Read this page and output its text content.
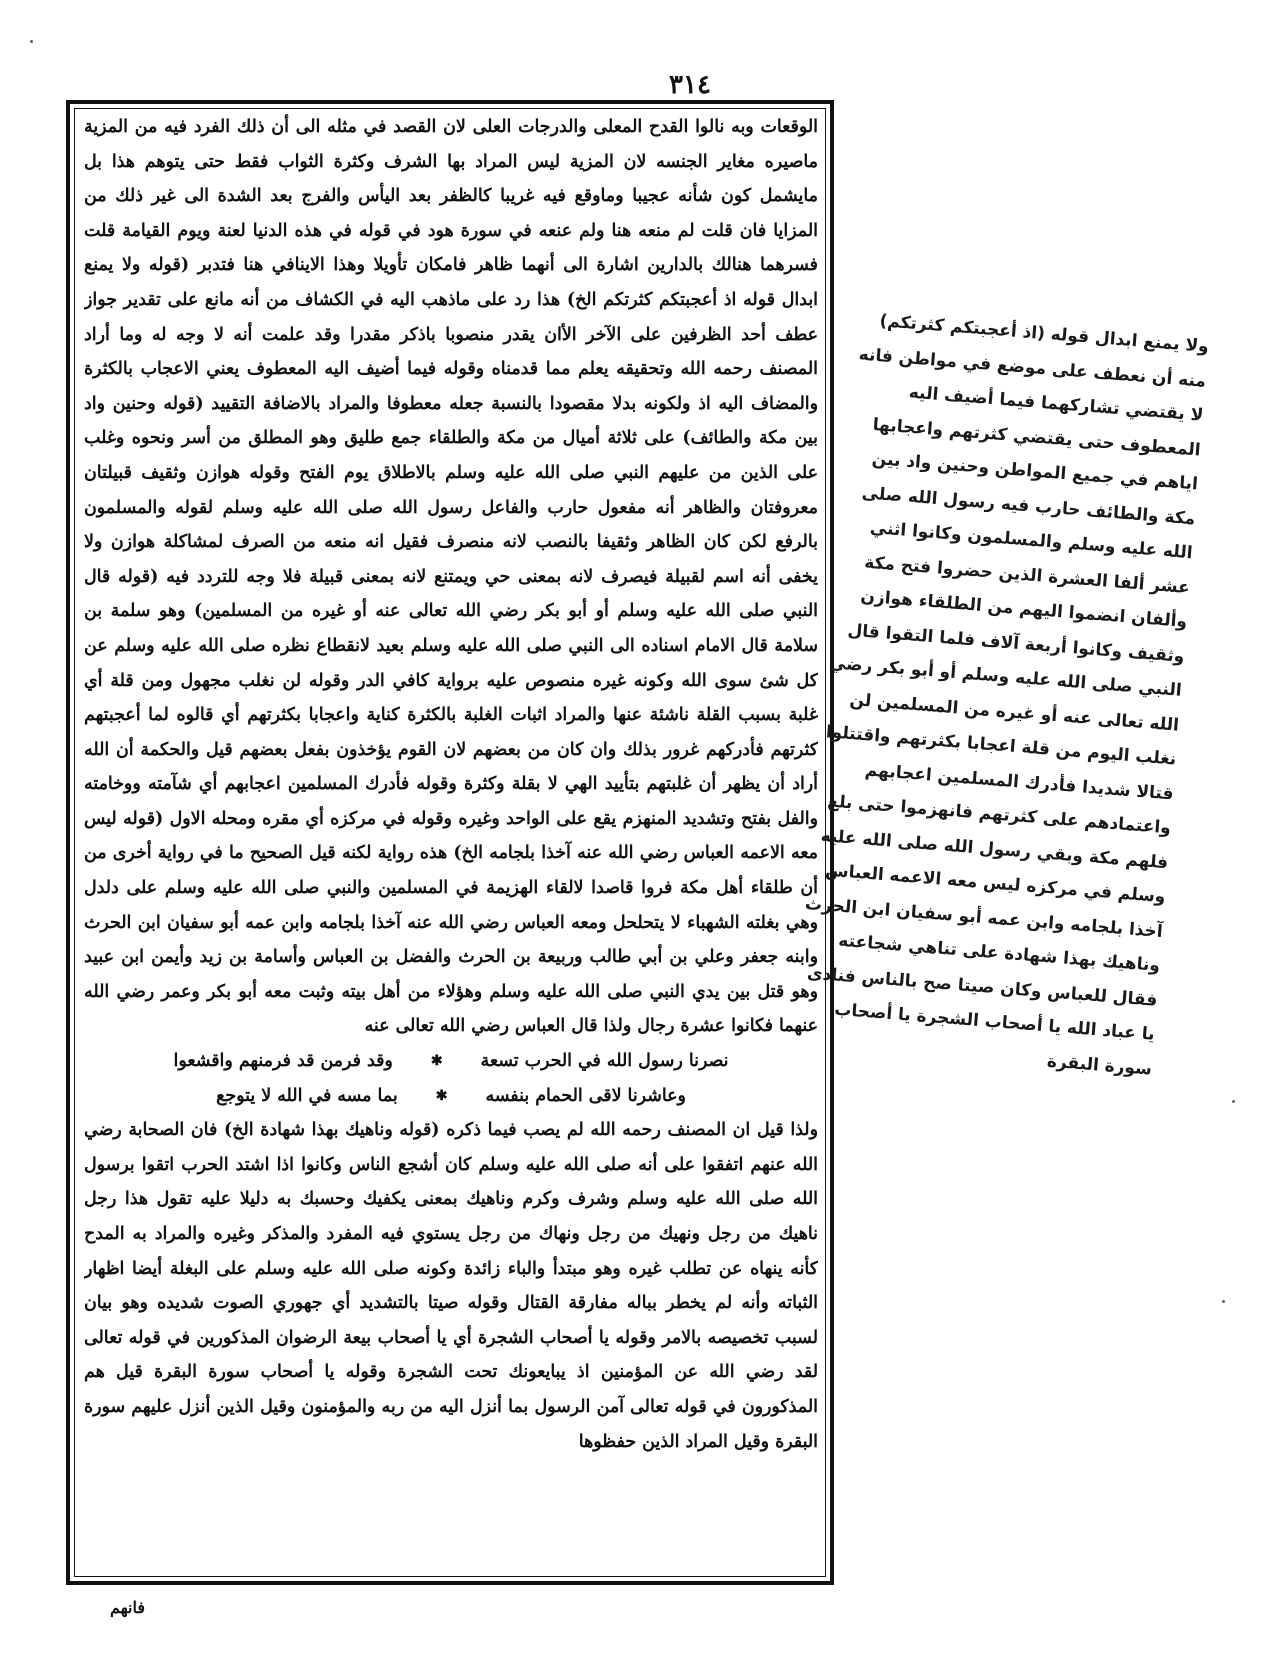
٣١٤

الوقعات وبه نالوا القدح المعلى والدرجات العلى لان القصد في مثله الى أن ذلك الفرد فيه من المزية ماصيره مغاير الجنسه لان المزية ليس المراد بها الشرف وكثرة الثواب فقط حتى يتوهم هذا بل مايشمل كون شأنه عجيبا وماوقع فيه غريبا كالظفر بعد اليأس والفرج بعد الشدة الى غير ذلك من المزايا فان قلت لم منعه هنا ولم عنعه في سورة هود في قوله في هذه الدنيا لعنة ويوم القيامة قلت فسرهما هنالك بالدارين اشارة الى أنهما ظاهر فامكان تأويلا وهذا الاينافي هنا فتدبر (قوله ولا يمنع ابدال قوله اذ أعجبتكم كثرتكم الخ) هذا رد على ماذهب اليه في الكشاف من أنه مانع على تقدير جواز عطف أحد الظرفين على الآخر الأان يقدر منصوبا باذكر مقدرا وقد علمت أنه لا وجه له وما أراد المصنف رحمه الله وتحقيقه يعلم مما قدمناه وقوله فيما أضيف اليه المعطوف يعني الاعجاب بالكثرة والمضاف اليه اذ ولكونه بدلا مقصودا بالنسبة جعله معطوفا والمراد بالاضافة التقييد (قوله وحنين واد بين مكة والطائف) على ثلاثة أميال من مكة والطلقاء جمع طليق وهو المطلق من أسر ونحوه وغلب على الذين من عليهم النبي صلى الله عليه وسلم بالاطلاق يوم الفتح وقوله هوازن وثقيف قبيلتان معروفتان والظاهر أنه مفعول حارب والفاعل رسول الله صلى الله عليه وسلم لقوله والمسلمون بالرفع لكن كان الظاهر وثقيفا بالنصب لانه منصرف فقيل انه منعه من الصرف لمشاكلة هوازن ولا يخفى أنه اسم لقبيلة فيصرف لانه بمعنى حي ويمتنع لانه بمعنى قبيلة فلا وجه للتردد فيه (قوله قال النبي صلى الله عليه وسلم أو أبو بكر رضي الله تعالى عنه أو غيره من المسلمين) وهو سلمة بن سلامة قال الامام اسناده الى النبي صلى الله عليه وسلم بعيد لانقطاع نظره صلى الله عليه وسلم عن كل شئ سوى الله وكونه غيره منصوص عليه برواية كافي الدر وقوله لن نغلب مجهول ومن قلة أي غلبة بسبب القلة ناشئة عنها والمراد اثبات الغلبة بالكثرة كناية واعجابا بكثرتهم أي قالوه لما أعجبتهم كثرتهم فأدركهم غرور بذلك وان كان من بعضهم لان القوم يؤخذون بفعل بعضهم قيل والحكمة أن الله أراد أن يظهر أن غلبتهم بتأييد الهي لا بقلة وكثرة وقوله فأدرك المسلمين اعجابهم أي شآمته ووخامته والفل بفتح وتشديد المنهزم يقع على الواحد وغيره وقوله في مركزه أي مقره ومحله الاول (قوله ليس معه الاعمه العباس رضي الله عنه آخذا بلجامه الخ) هذه رواية لكنه قيل الصحيح ما في رواية أخرى من أن طلقاء أهل مكة فروا قاصدا لالقاء الهزيمة في المسلمين والنبي صلى الله عليه وسلم على دلدل وهي بغلته الشهباء لا يتحلحل ومعه العباس رضي الله عنه آخذا بلجامه وابن عمه أبو سفيان ابن الحرث وابنه جعفر وعلي بن أبي طالب وربيعة بن الحرث والفضل بن العباس وأسامة بن زيد وأيمن ابن عبيد وهو قتل بين يدي النبي صلى الله عليه وسلم وهؤلاء من أهل بيته وثبت معه أبو بكر وعمر رضي الله عنهما فكانوا عشرة رجال ولذا قال العباس رضي الله تعالى عنه

نصرنا رسول الله في الحرب تسعة
✱
وقد فرمن قد فرمنهم واقشعوا
وعاشرنا لاقى الحمام بنفسه
✱
بما مسه في الله لا يتوجع

ولذا قيل ان المصنف رحمه الله لم يصب فيما ذكره (قوله وناهيك بهذا شهادة الخ) فان الصحابة رضي الله عنهم اتفقوا على أنه صلى الله عليه وسلم كان أشجع الناس وكانوا اذا اشتد الحرب اتقوا برسول الله صلى الله عليه وسلم وشرف وكرم وناهيك بمعنى يكفيك وحسبك به دليلا عليه تقول هذا رجل ناهيك من رجل ونهيك من رجل ونهاك من رجل يستوي فيه المفرد والمذكر وغيره والمراد به المدح كأنه ينهاه عن تطلب غيره وهو مبتدأ والباء زائدة وكونه صلى الله عليه وسلم على البغلة أيضا اظهار الثباته وأنه لم يخطر بباله مفارقة القتال وقوله صيتا بالتشديد أي جهوري الصوت شديده وهو بيان لسبب تخصيصه بالامر وقوله يا أصحاب الشجرة أي يا أصحاب بيعة الرضوان المذكورين في قوله تعالى لقد رضي الله عن المؤمنين اذ يبايعونك تحت الشجرة وقوله يا أصحاب سورة البقرة قيل هم المذكورون في قوله تعالى آمن الرسول بما أنزل اليه من ربه والمؤمنون وقيل الذين أنزل عليهم سورة البقرة وقيل المراد الذين حفظوها

ولا يمنع ابدال قوله (اذ أعجبتكم كثرتكم) منه أن نعطف على موضع في مواطن فانه لا يقتضي تشاركهما فيما أضيف اليه المعطوف حتى يقتضي كثرتهم واعجابها اياهم في جميع المواطن وحنين واد بين مكة والطائف حارب فيه رسول الله صلى الله عليه وسلم والمسلمون وكانوا اثني عشر ألفا العشرة الذين حضروا فتح مكة وألفان انضموا اليهم من الطلقاء هوازن وثقيف وكانوا أربعة آلاف فلما التقوا قال النبي صلى الله عليه وسلم أو أبو بكر رضي الله تعالى عنه أو غيره من المسلمين لن نغلب اليوم من قلة اعجابا بكثرتهم واقتتلوا قتالا شديدا فأدرك المسلمين اعجابهم واعتمادهم على كثرتهم فانهزموا حتى بلغ فلهم مكة وبقي رسول الله صلى الله عليه وسلم في مركزه ليس معه الاعمه العباس آخذا بلجامه وابن عمه أبو سفيان ابن الحرث وناهيك بهذا شهادة على تناهي شجاعته فقال للعباس وكان صيتا صح بالناس فنادى يا عباد الله يا أصحاب الشجرة يا أصحاب سورة البقرة

فانهم
